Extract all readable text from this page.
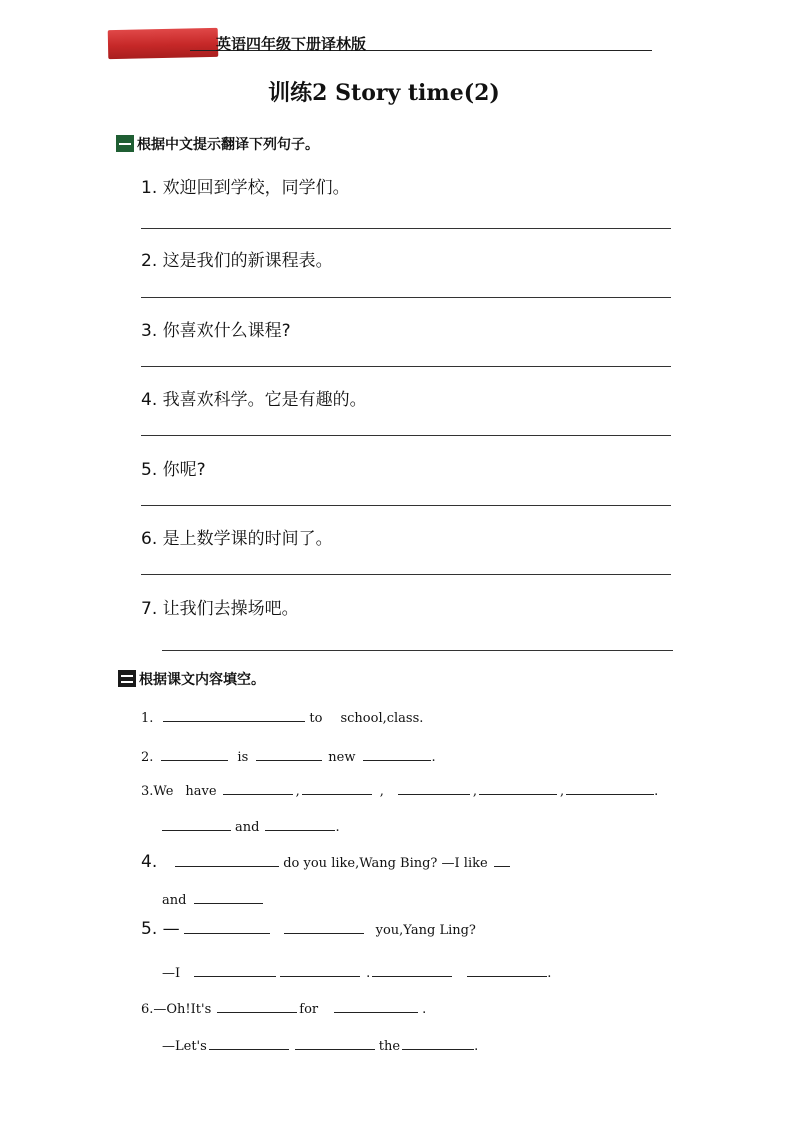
英语四年级下册译林版
训练2 Story time(2)
根据中文提示翻译下列句子。
1. 欢迎回到学校，同学们。
2. 这是我们的新课程表。
3. 你喜欢什么课程?
4. 我喜欢科学。它是有趣的。
5. 你呢?
6. 是上数学课的时间了。
7. 让我们去操场吧。
根据课文内容填空。
1.	to school,class.
2.	is	new	.
3.We have	,	,	,	,	.
and	.
4.	do you like,Wang Bing? —I like
and
5. —	you,Yang Ling?
—I	.	.
6.—Oh!It's	for	.
—Let's	the	.
